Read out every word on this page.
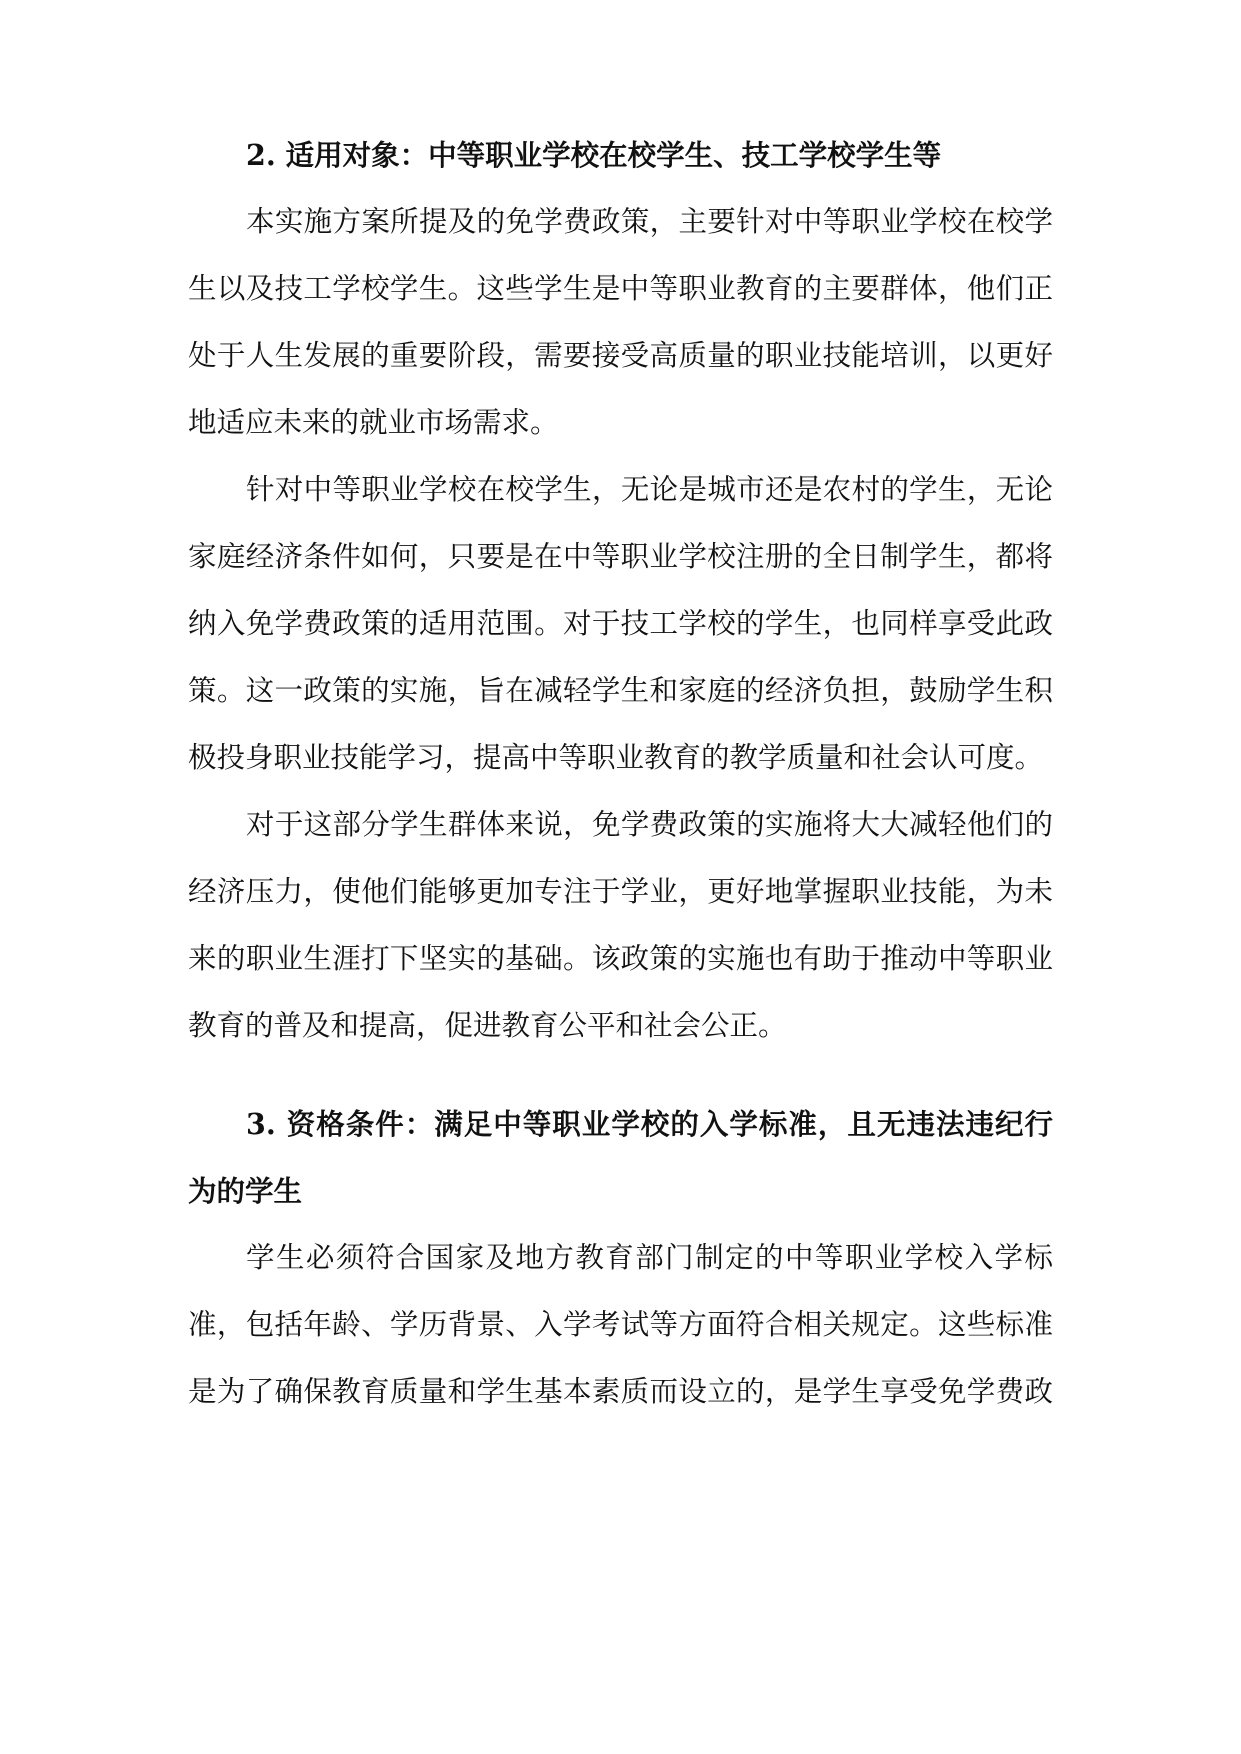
2. 适用对象：中等职业学校在校学生、技工学校学生等
本实施方案所提及的免学费政策，主要针对中等职业学校在校学
生以及技工学校学生。这些学生是中等职业教育的主要群体，他们正
处于人生发展的重要阶段，需要接受高质量的职业技能培训，以更好
地适应未来的就业市场需求。
针对中等职业学校在校学生，无论是城市还是农村的学生，无论
家庭经济条件如何，只要是在中等职业学校注册的全日制学生，都将
纳入免学费政策的适用范围。对于技工学校的学生，也同样享受此政
策。这一政策的实施，旨在减轻学生和家庭的经济负担，鼓励学生积
极投身职业技能学习，提高中等职业教育的教学质量和社会认可度。
对于这部分学生群体来说，免学费政策的实施将大大减轻他们的
经济压力，使他们能够更加专注于学业，更好地掌握职业技能，为未
来的职业生涯打下坚实的基础。该政策的实施也有助于推动中等职业
教育的普及和提高，促进教育公平和社会公正。
3. 资格条件：满足中等职业学校的入学标准，且无违法违纪行
为的学生
学生必须符合国家及地方教育部门制定的中等职业学校入学标
准，包括年龄、学历背景、入学考试等方面符合相关规定。这些标准
是为了确保教育质量和学生基本素质而设立的，是学生享受免学费政
